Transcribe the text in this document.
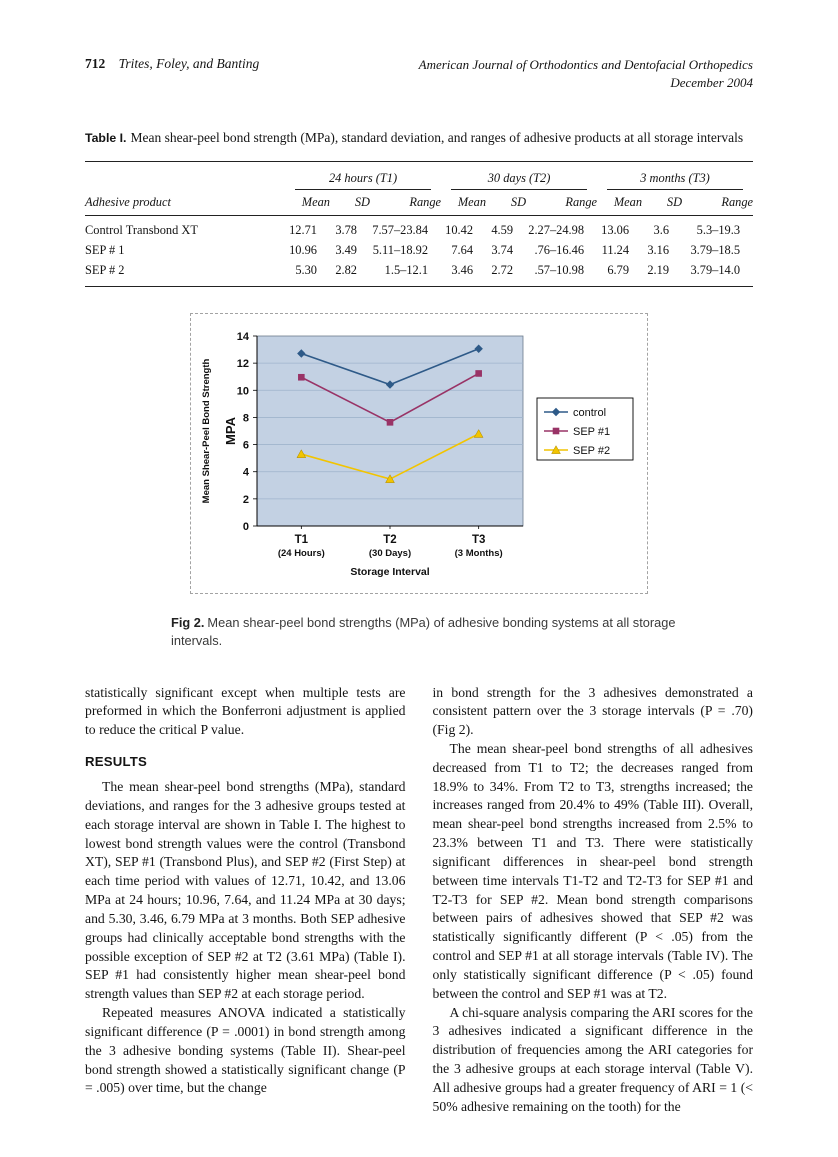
712 Trites, Foley, and Banting	American Journal of Orthodontics and Dentofacial Orthopedics
December 2004
Table I. Mean shear-peel bond strength (MPa), standard deviation, and ranges of adhesive products at all storage intervals

	24 hours (T1)			30 days (T2)			3 months (T3)		

Adhesive product	Mean	SD	Range	Mean	SD	Range	Mean	SD	Range
Control Transbond XT	12.71	3.78	7.57–23.84	10.42	4.59	2.27–24.98	13.06	3.6	5.3–19.3
SEP # 1	10.96	3.49	5.11–18.92	7.64	3.74	.76–16.46	11.24	3.16	3.79–18.5
SEP # 2	5.30	2.82	1.5–12.1	3.46	2.72	.57–10.98	6.79	2.19	3.79–14.0
0
2
4
6
8
10
12
14
T1
(24 Hours)
T2
(30 Days)
T3
(3 Months)
control
SEP #1
SEP #2
Mean Shear-Peel Bond Strength MPA
Storage Interval
Fig 2. Mean shear-peel bond strengths (MPa) of adhesive bonding systems at all storage intervals.

statistically significant except when multiple tests are preformed in which the Bonferroni adjustment is applied to reduce the critical P value.

RESULTS

The mean shear-peel bond strengths (MPa), standard deviations, and ranges for the 3 adhesive groups tested at each storage interval are shown in Table I. The highest to lowest bond strength values were the control (Transbond XT), SEP #1 (Transbond Plus), and SEP #2 (First Step) at each time period with values of 12.71, 10.42, and 13.06 MPa at 24 hours; 10.96, 7.64, and 11.24 MPa at 30 days; and 5.30, 3.46, 6.79 MPa at 3 months. Both SEP adhesive groups had clinically acceptable bond strengths with the possible exception of SEP #2 at T2 (3.61 MPa) (Table I). SEP #1 had consistently higher mean shear-peel bond strength values than SEP #2 at each storage period.

Repeated measures ANOVA indicated a statistically significant difference (P = .0001) in bond strength among the 3 adhesive bonding systems (Table II). Shear-peel bond strength showed a statistically significant change (P = .005) over time, but the change

in bond strength for the 3 adhesives demonstrated a consistent pattern over the 3 storage intervals (P = .70) (Fig 2).

The mean shear-peel bond strengths of all adhesives decreased from T1 to T2; the decreases ranged from 18.9% to 34%. From T2 to T3, strengths increased; the increases ranged from 20.4% to 49% (Table III). Overall, mean shear-peel bond strengths increased from 2.5% to 23.3% between T1 and T3. There were statistically significant differences in shear-peel bond strength between time intervals T1-T2 and T2-T3 for SEP #1 and T2-T3 for SEP #2. Mean bond strength comparisons between pairs of adhesives showed that SEP #2 was statistically significantly different (P < .05) from the control and SEP #1 at all storage intervals (Table IV). The only statistically significant difference (P < .05) found between the control and SEP #1 was at T2.

A chi-square analysis comparing the ARI scores for the 3 adhesives indicated a significant difference in the distribution of frequencies among the ARI categories for the 3 adhesive groups at each storage interval (Table V). All adhesive groups had a greater frequency of ARI = 1 (< 50% adhesive remaining on the tooth) for the
